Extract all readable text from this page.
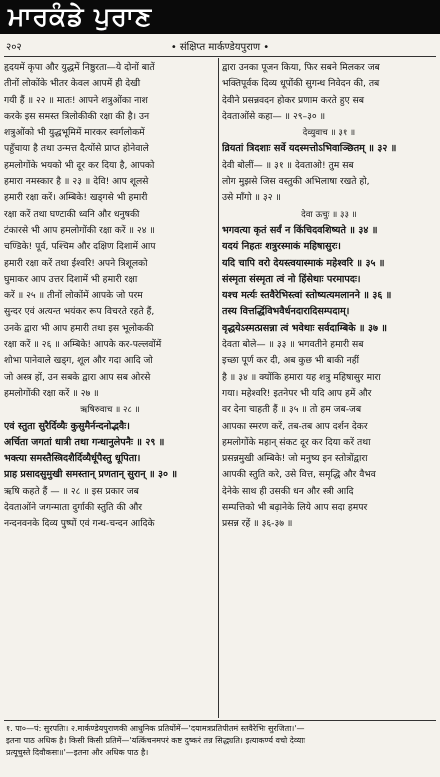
ਮਾਰਕੰਡੇ ਪੁਰਾਣ
२०२	• संक्षिप्त मार्कण्डेयपुराण •
हृदयमें कृपा और युद्धमें निष्ठुरता—ये दोनों बातें
तीनों लोकोंके भीतर केवल आपमें ही देखी
गयी हैं ॥ २२ ॥ मातः! आपने शत्रुओंका नाश
करके इस समस्त त्रिलोकीकी रक्षा की है। उन
शत्रुओंको भी युद्धभूमिमें मारकर स्वर्गलोकमें
पहुँचाया है तथा उन्मत्त दैत्योंसे प्राप्त होनेवाले
हमलोगोंके भयको भी दूर कर दिया है, आपको
हमारा नमस्कार है ॥ २३ ॥ देवि! आप शूलसे
हमारी रक्षा करें। अम्बिके! खड्गसे भी हमारी
रक्षा करें तथा घण्टाकी ध्वनि और धनुषकी
टंकारसे भी आप हमलोगोंकी रक्षा करें ॥ २४ ॥
चण्डिके! पूर्व, पश्चिम और दक्षिण दिशामें आप
हमारी रक्षा करें तथा ईश्वरि! अपने त्रिशूलको
घुमाकर आप उत्तर दिशामें भी हमारी रक्षा
करें ॥ २५ ॥ तीनों लोकोंमें आपके जो परम
सुन्दर एवं अत्यन्त भयंकर रूप विचरते रहते हैं,
उनके द्वारा भी आप हमारी तथा इस भूलोककी
रक्षा करें ॥ २६ ॥ अम्बिके! आपके कर-पल्लवोंमें
शोभा पानेवाले खड्ग, शूल और गदा आदि जो
जो अस्त्र हों, उन सबके द्वारा आप सब ओरसे
हमलोगोंकी रक्षा करें ॥ २७ ॥
ऋषिरुवाच ॥ २८ ॥
एवं स्तुता सुरैर्दिव्यैः कुसुमैर्नन्दनोद्भवैः।
अर्चिता जगतां धात्री तथा गन्धानुलेपनैः ॥ २९ ॥
भक्त्या समस्तैस्त्रिदशैर्दिव्यैर्धूपैस्तु धूपिता।
प्राह प्रसादसुमुखी समस्तान् प्रणतान् सुरान् ॥ ३० ॥
ऋषि कहते हैं — ॥ २८ ॥ इस प्रकार जब
देवताओंने जगन्माता दुर्गाकी स्तुति की और
नन्दनवनके दिव्य पुष्पों एवं गन्ध-चन्दन आदिके
द्वारा उनका पूजन किया, फिर सबने मिलकर जब
भक्तिपूर्वक दिव्य धूपोंकी सुगन्ध निवेदन की, तब
देवीने प्रसन्नवदन होकर प्रणाम करते हुए सब
देवताओंसे कहा— ॥ २९–३० ॥
देव्युवाच ॥ ३१ ॥
व्रियतां त्रिदशाः सर्वे यदस्मत्तोऽभिवाञ्छितम् ॥ ३२ ॥
देवी बोलीं— ॥ ३१ ॥ देवताओ! तुम सब
लोग मुझसे जिस वस्तुकी अभिलाषा रखते हो,
उसे माँगो ॥ ३२ ॥
देवा ऊचुः ॥ ३३ ॥
भगवत्या कृतं सर्वं न किंचिदवशिष्यते ॥ ३४ ॥
यदयं निहतः शत्रुरस्माकं महिषासुरः।
यदि चापि वरो देयस्त्वयास्माकं महेश्वरि ॥ ३५ ॥
संस्मृता संस्मृता त्वं नो हिंसेथाः परमापदः।
यश्च मर्त्यः स्तवैरेभिस्त्वां स्तोष्यत्यमलानने ॥ ३६ ॥
तस्य वित्तर्द्धिविभवैर्धनदारादिसम्पदाम्।
वृद्धयेऽस्मत्प्रसन्ना त्वं भवेथाः सर्वदाम्बिके ॥ ३७ ॥
देवता बोले— ॥ ३३ ॥ भगवतीने हमारी सब
इच्छा पूर्ण कर दी, अब कुछ भी बाकी नहीं
है ॥ ३४ ॥ क्योंकि हमारा यह शत्रु महिषासुर मारा
गया। महेश्वरि! इतनेपर भी यदि आप हमें और
वर देना चाहती हैं ॥ ३५ ॥ तो हम जब-जब
आपका स्मरण करें, तब-तब आप दर्शन देकर
हमलोगोंके महान् संकट दूर कर दिया करें तथा
प्रसन्नमुखी अम्बिके! जो मनुष्य इन स्तोत्रोंद्वारा
आपकी स्तुति करे, उसे वित्त, समृद्धि और वैभव
देनेके साथ ही उसकी धन और स्त्री आदि
सम्पत्तिको भी बढ़ानेके लिये आप सदा हमपर
प्रसन्न रहें ॥ ३६-३७ ॥
१. पा०—पं: सुरपतिः। २.मार्कण्डेयपुराणकी आधुनिक प्रतियोंमें—'दयामत्रप्रतिपीतमं स्तवैरेभिः सुरजिता।'—
इतना पाठ अधिक है। किसी किसी प्रतिमें—'यत्किंचनमपरं कष्ट दुष्करं तन्न सिद्ध्यति। इत्याकर्ण्य वचो देव्याः
प्रत्यूचुस्ते दिवौकसः॥'—इतना और अधिक पाठ है।
